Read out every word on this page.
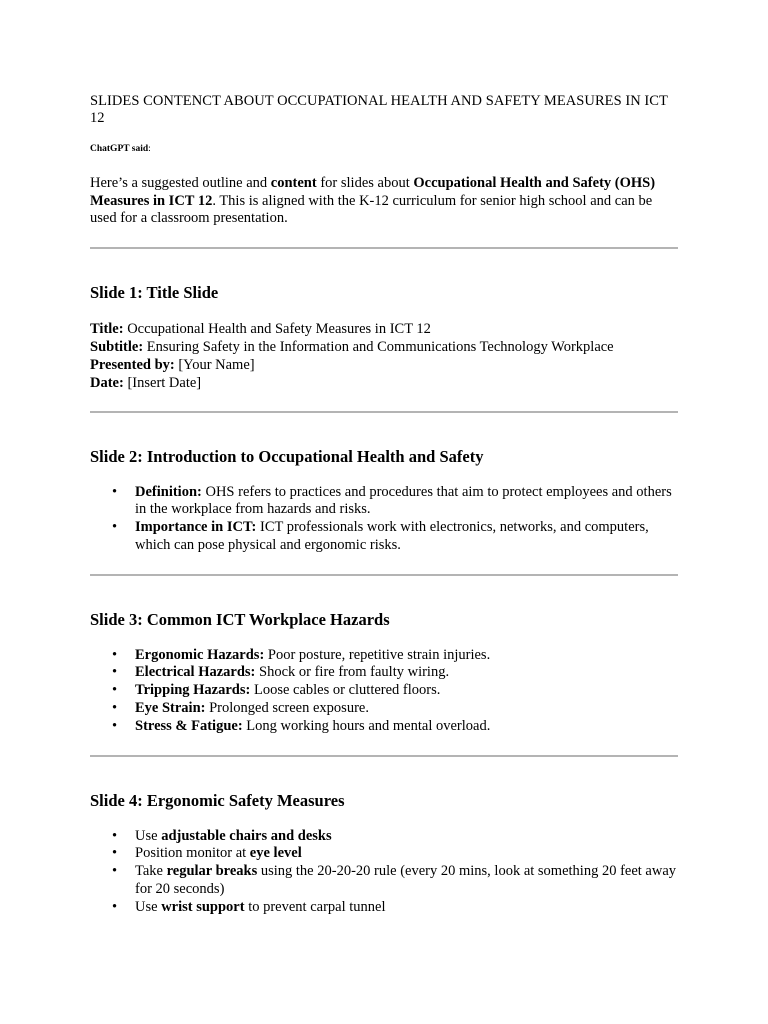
SLIDES CONTENCT ABOUT OCCUPATIONAL HEALTH AND SAFETY MEASURES IN ICT 12

ChatGPT said:

Here’s a suggested outline and content for slides about Occupational Health and Safety (OHS) Measures in ICT 12. This is aligned with the K-12 curriculum for senior high school and can be used for a classroom presentation.

Slide 1: Title Slide
Title: Occupational Health and Safety Measures in ICT 12
Subtitle: Ensuring Safety in the Information and Communications Technology Workplace
Presented by: [Your Name]
Date: [Insert Date]
Slide 2: Introduction to Occupational Health and Safety
• Definition: OHS refers to practices and procedures that aim to protect employees and others in the workplace from hazards and risks.
• Importance in ICT: ICT professionals work with electronics, networks, and computers, which can pose physical and ergonomic risks.
Slide 3: Common ICT Workplace Hazards
• Ergonomic Hazards: Poor posture, repetitive strain injuries.
• Electrical Hazards: Shock or fire from faulty wiring.
• Tripping Hazards: Loose cables or cluttered floors.
• Eye Strain: Prolonged screen exposure.
• Stress & Fatigue: Long working hours and mental overload.
Slide 4: Ergonomic Safety Measures
• Use adjustable chairs and desks
• Position monitor at eye level
• Take regular breaks using the 20-20-20 rule (every 20 mins, look at something 20 feet away for 20 seconds)
• Use wrist support to prevent carpal tunnel
